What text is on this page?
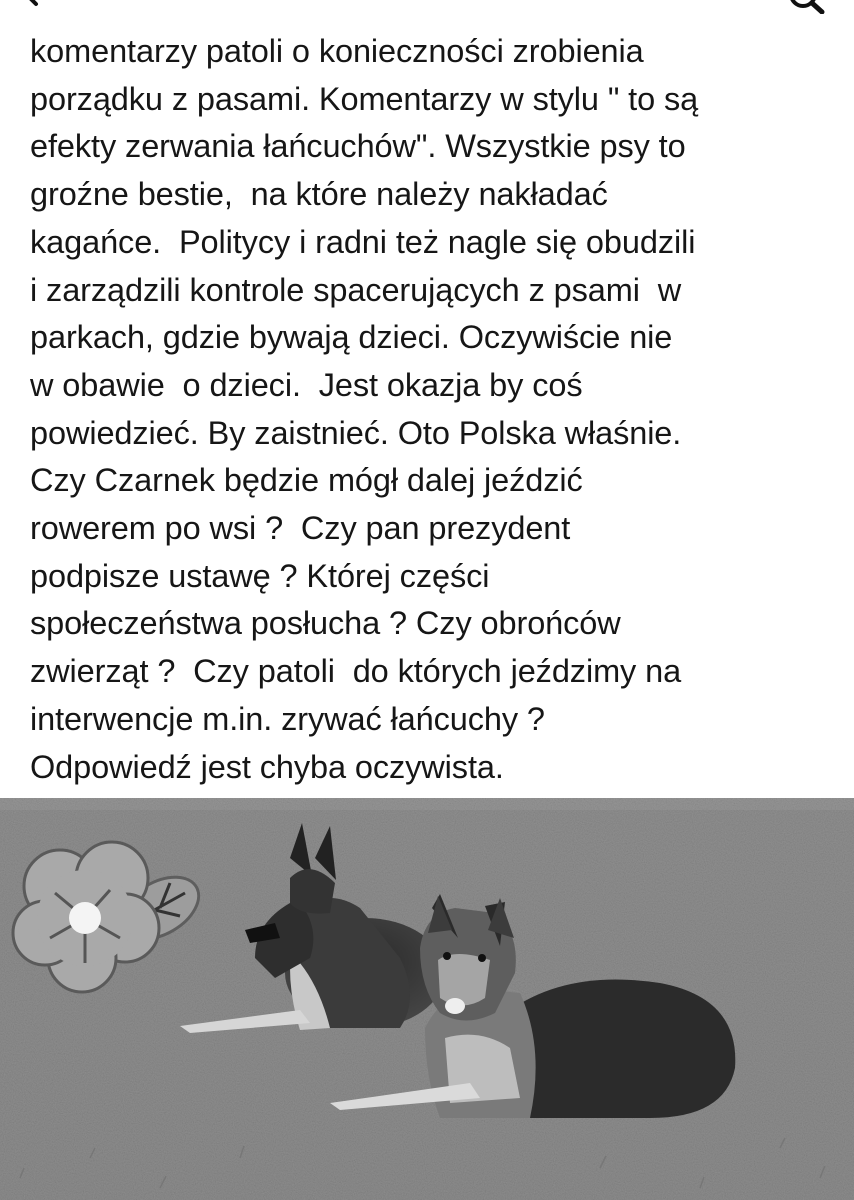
komentarzy patoli o konieczności zrobienia
porządku z pasami. Komentarzy w stylu " to są
efekty zerwania łańcuchów". Wszystkie psy to
groźne bestie,  na które należy nakładać
kagańce.  Politycy i radni też nagle się obudzili
i zarządzili kontrole spacerujących z psami  w
parkach, gdzie bywają dzieci. Oczywiście nie
w obawie  o dzieci.  Jest okazja by coś
powiedzieć. By zaistnieć. Oto Polska właśnie.
Czy Czarnek będzie mógł dalej jeździć
rowerem po wsi ?  Czy pan prezydent
podpisze ustawę ? Której części
społeczeństwa posłucha ? Czy obrońców
zwierząt ?  Czy patoli  do których jeździmy na
interwencje m.in. zrywać łańcuchy ?
Odpowiedź jest chyba oczywista.
